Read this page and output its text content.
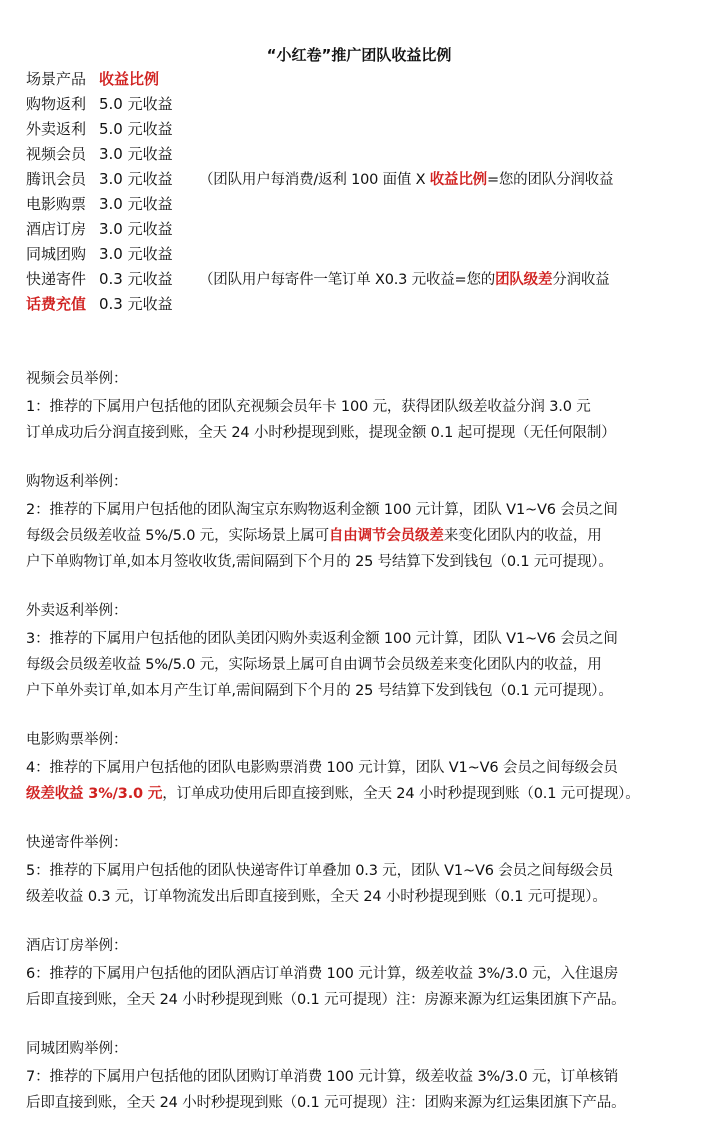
“小红卷”推广团队收益比例
场景产品 收益比例
购物返利 5.0 元收益
外卖返利 5.0 元收益
视频会员 3.0 元收益
腾讯会员 3.0 元收益 （团队用户每消费/返利 100 面值 X 收益比例=您的团队分润收益
电影购票 3.0 元收益
酒店订房 3.0 元收益
同城团购 3.0 元收益
快递寄件 0.3 元收益 （团队用户每寄件一笔订单 X0.3 元收益=您的团队级差分润收益
话费充值 0.3 元收益
视频会员举例：
1：推荐的下属用户包括他的团队充视频会员年卡 100 元，获得团队级差收益分润 3.0 元
订单成功后分润直接到账，全天 24 小时秒提现到账，提现金额 0.1 起可提现（无任何限制）
购物返利举例：
2：推荐的下属用户包括他的团队淘宝京东购物返利金额 100 元计算，团队 V1~V6 会员之间
每级会员级差收益 5%/5.0 元，实际场景上属可自由调节会员级差来变化团队内的收益，用
户下单购物订单,如本月签收收货,需间隔到下个月的 25 号结算下发到钱包（0.1 元可提现）。
外卖返利举例：
3：推荐的下属用户包括他的团队美团闪购外卖返利金额 100 元计算，团队 V1~V6 会员之间
每级会员级差收益 5%/5.0 元，实际场景上属可自由调节会员级差来变化团队内的收益，用
户下单外卖订单,如本月产生订单,需间隔到下个月的 25 号结算下发到钱包（0.1 元可提现）。
电影购票举例：
4：推荐的下属用户包括他的团队电影购票消费 100 元计算，团队 V1~V6 会员之间每级会员
级差收益 3%/3.0 元，订单成功使用后即直接到账，全天 24 小时秒提现到账（0.1 元可提现）。
快递寄件举例：
5：推荐的下属用户包括他的团队快递寄件订单叠加 0.3 元，团队 V1~V6 会员之间每级会员
级差收益 0.3 元，订单物流发出后即直接到账，全天 24 小时秒提现到账（0.1 元可提现）。
酒店订房举例：
6：推荐的下属用户包括他的团队酒店订单消费 100 元计算，级差收益 3%/3.0 元，入住退房
后即直接到账，全天 24 小时秒提现到账（0.1 元可提现）注：房源来源为红运集团旗下产品。
同城团购举例：
7：推荐的下属用户包括他的团队团购订单消费 100 元计算，级差收益 3%/3.0 元，订单核销
后即直接到账，全天 24 小时秒提现到账（0.1 元可提现）注：团购来源为红运集团旗下产品。
